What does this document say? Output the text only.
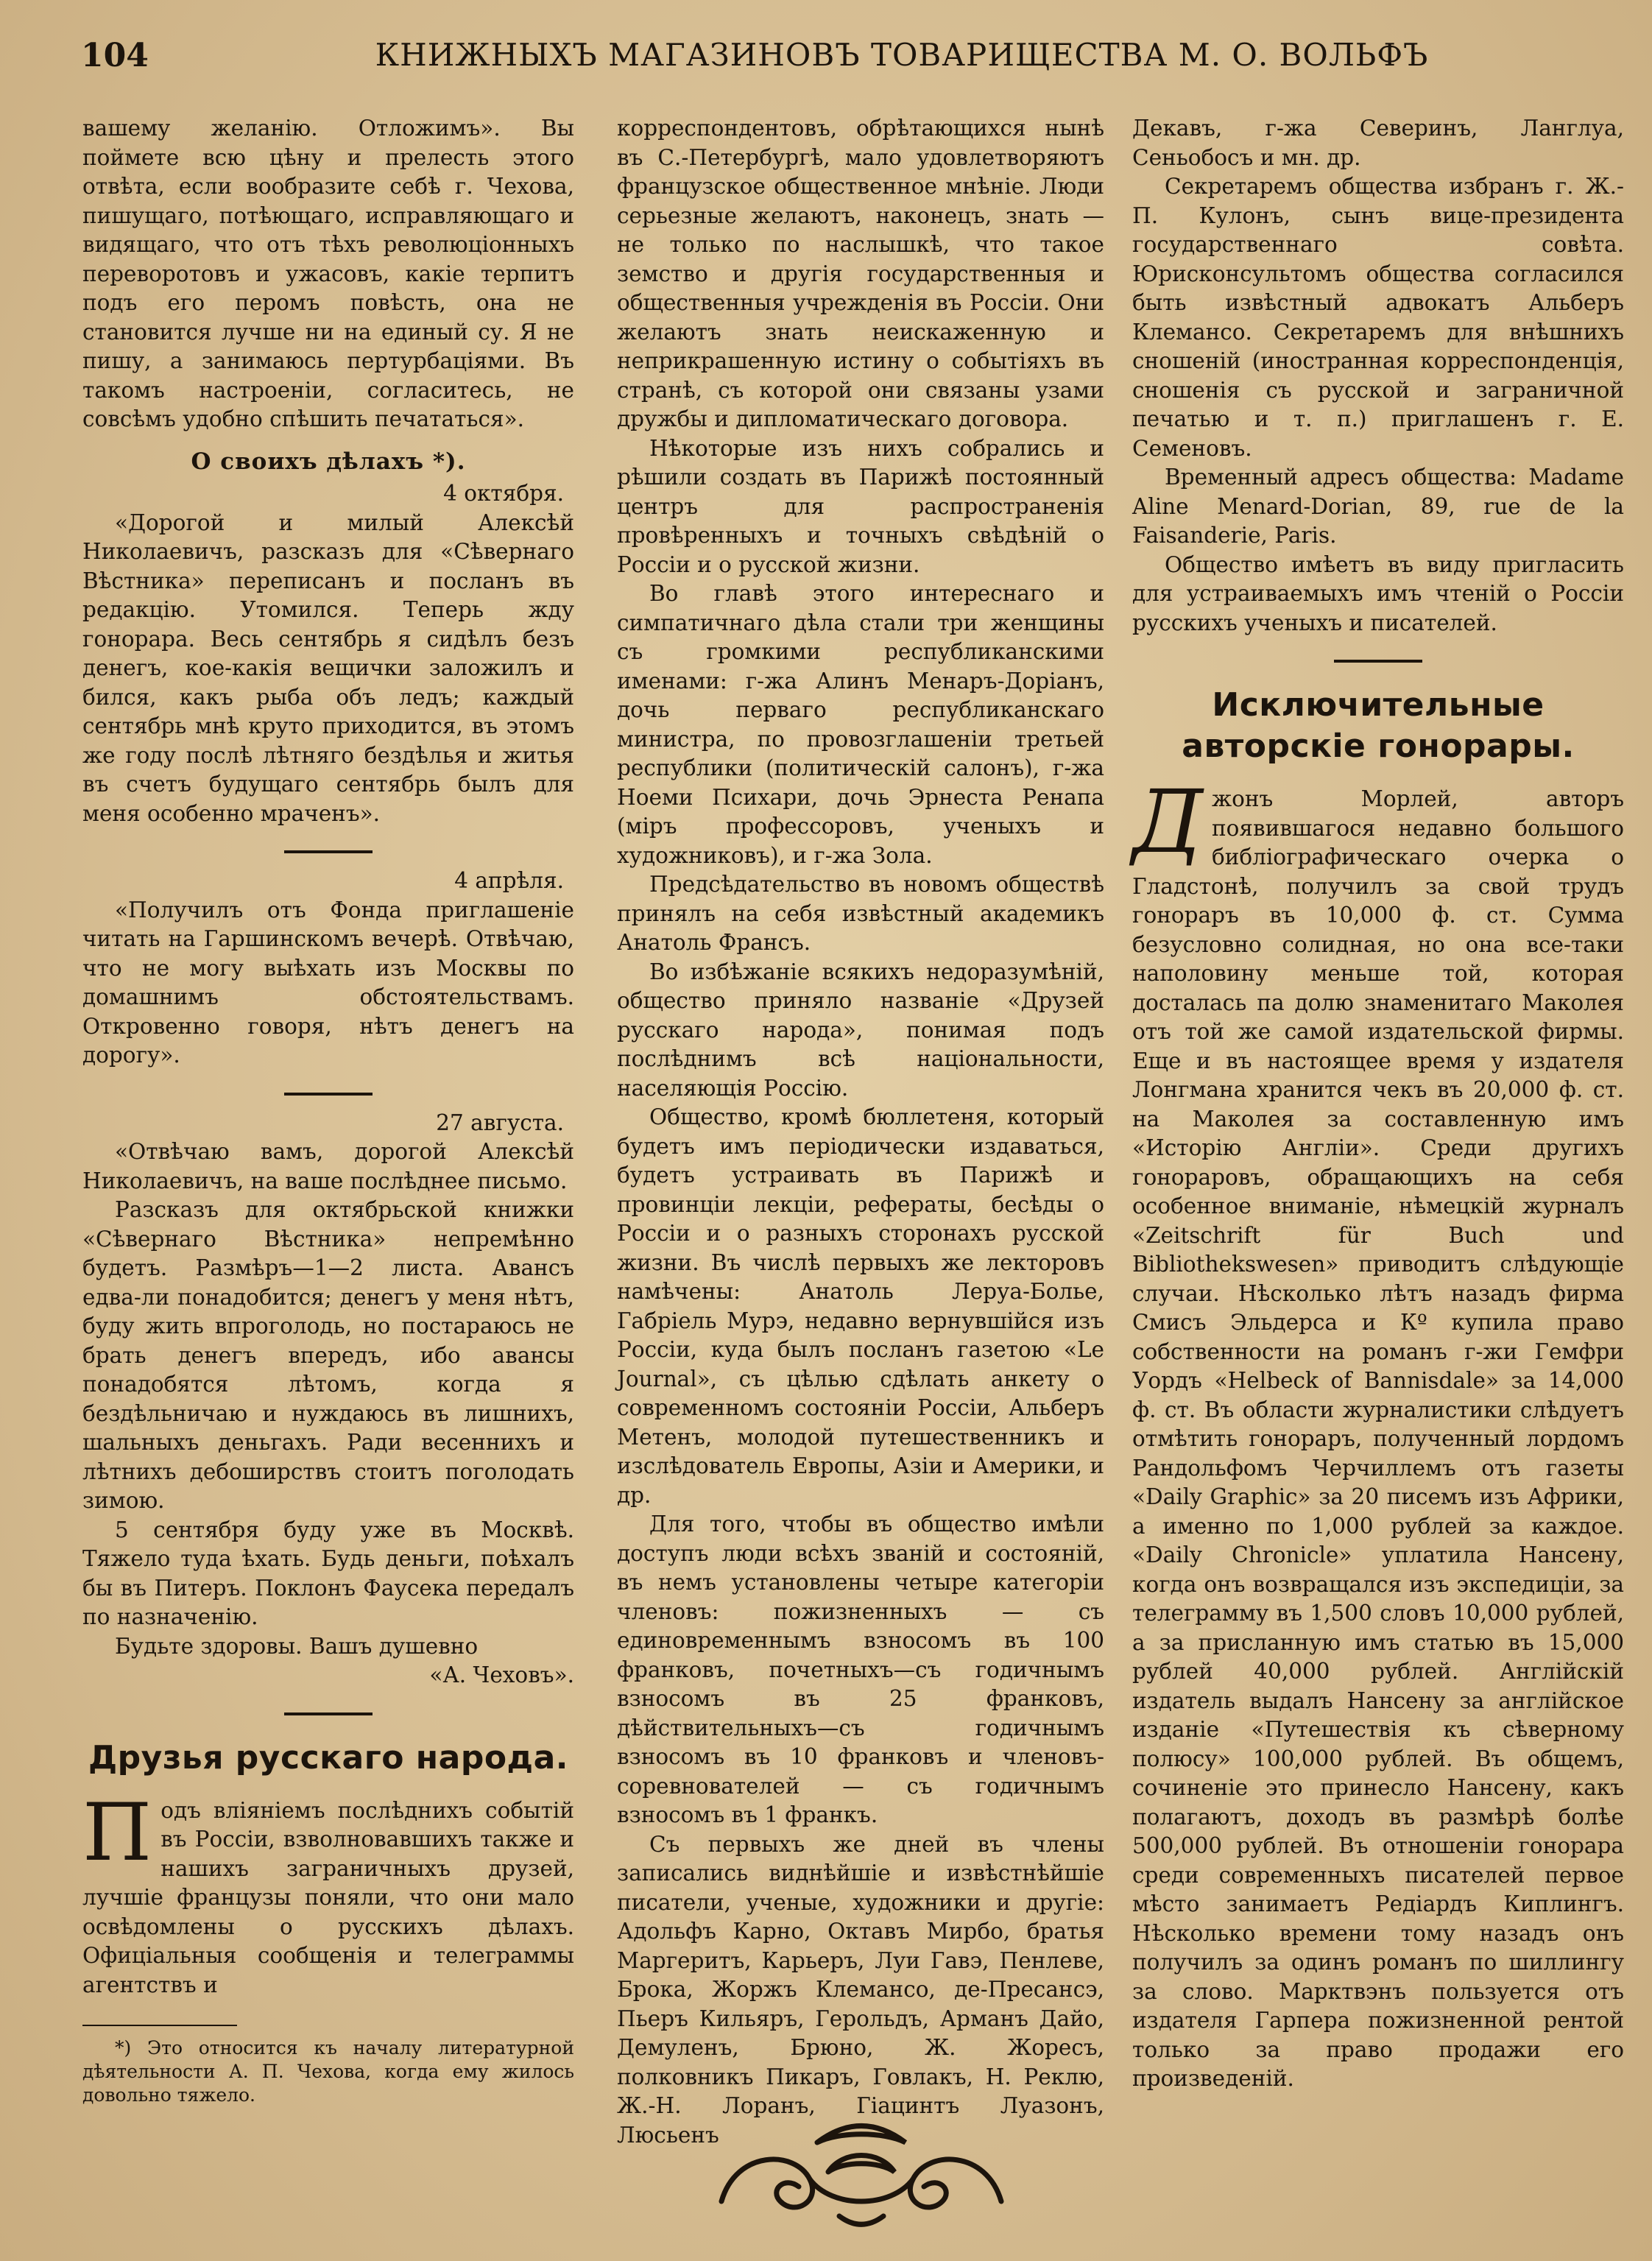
104	КНИЖНЫХЪ МАГАЗИНОВЪ ТОВАРИЩЕСТВА М. О. ВОЛЬФЪ

вашему желанію. Отложимъ». Вы поймете всю цѣну и прелесть этого отвѣта, если вообразите себѣ г. Чехова, пишущаго, потѣющаго, исправляющаго и видящаго, что отъ тѣхъ революціонныхъ переворотовъ и ужасовъ, какіе терпитъ подъ его перомъ повѣсть, она не становится лучше ни на единый су. Я не пишу, а занимаюсь пертурбаціями. Въ такомъ настроеніи, согласитесь, не совсѣмъ удобно спѣшить печататься».

О своихъ дѣлахъ *).

4 октября.

«Дорогой и милый Алексѣй Николаевичъ, разсказъ для «Сѣвернаго Вѣстника» переписанъ и посланъ въ редакцію. Утомился. Теперь жду гонорара. Весь сентябрь я сидѣлъ безъ денегъ, кое-какія вещички заложилъ и бился, какъ рыба объ ледъ; каждый сентябрь мнѣ круто приходится, въ этомъ же году послѣ лѣтняго бездѣлья и житья въ счетъ будущаго сентябрь былъ для меня особенно мраченъ».

4 апрѣля.

«Получилъ отъ Фонда приглашеніе читать на Гаршинскомъ вечерѣ. Отвѣчаю, что не могу выѣхать изъ Москвы по домашнимъ обстоятельствамъ. Откровенно говоря, нѣтъ денегъ на дорогу».

27 августа.

«Отвѣчаю вамъ, дорогой Алексѣй Николаевичъ, на ваше послѣднее письмо.

Разсказъ для октябрьской книжки «Сѣвернаго Вѣстника» непремѣнно будетъ. Размѣръ—1—2 листа. Авансъ едва-ли понадобится; денегъ у меня нѣтъ, буду жить впроголодь, но постараюсь не брать денегъ впередъ, ибо авансы понадобятся лѣтомъ, когда я бездѣльничаю и нуждаюсь въ лишнихъ, шальныхъ деньгахъ. Ради весеннихъ и лѣтнихъ дебоширствъ стоитъ поголодать зимою.

5 сентября буду уже въ Москвѣ. Тяжело туда ѣхать. Будь деньги, поѣхалъ бы въ Питеръ. Поклонъ Фаусека передалъ по назначенію.

Будьте здоровы. Вашъ душевно

«А. Чеховъ».

Друзья русскаго народа.

П одъ вліяніемъ послѣднихъ событій въ Россіи, взволновавшихъ также и нашихъ заграничныхъ друзей, лучшіе французы поняли, что они мало освѣдомлены о русскихъ дѣлахъ. Офиціальныя сообщенія и телеграммы агентствъ и

*) Это относится къ началу литературной дѣятельности А. П. Чехова, когда ему жилось довольно тяжело.

корреспондентовъ, обрѣтающихся нынѣ въ С.-Петербургѣ, мало удовлетворяютъ французское общественное мнѣніе. Люди серьезные желаютъ, наконецъ, знать — не только по наслышкѣ, что такое земство и другія государственныя и общественныя учрежденія въ Россіи. Они желаютъ знать неискаженную и неприкрашенную истину о событіяхъ въ странѣ, съ которой они связаны узами дружбы и дипломатическаго договора.

Нѣкоторые изъ нихъ собрались и рѣшили создать въ Парижѣ постоянный центръ для распространенія провѣренныхъ и точныхъ свѣдѣній о Россіи и о русской жизни.

Во главѣ этого интереснаго и симпатичнаго дѣла стали три женщины съ громкими республиканскими именами: г-жа Алинъ Менаръ-Доріанъ, дочь перваго республиканскаго министра, по провозглашеніи третьей республики (политическій салонъ), г-жа Ноеми Психари, дочь Эрнеста Ренапа (міръ профессоровъ, ученыхъ и художниковъ), и г-жа Зола.

Предсѣдательство въ новомъ обществѣ принялъ на себя извѣстный академикъ Анатоль Франсъ.

Во избѣжаніе всякихъ недоразумѣній, общество приняло названіе «Друзей русскаго народа», понимая подъ послѣднимъ всѣ національности, населяющія Россію.

Общество, кромѣ бюллетеня, который будетъ имъ періодически издаваться, будетъ устраивать въ Парижѣ и провинціи лекціи, рефераты, бесѣды о Россіи и о разныхъ сторонахъ русской жизни. Въ числѣ первыхъ же лекторовъ намѣчены: Анатоль Леруа-Болье, Габріель Мурэ, недавно вернувшійся изъ Россіи, куда былъ посланъ газетою «Le Journal», съ цѣлью сдѣлать анкету о современномъ состояніи Россіи, Альберъ Метенъ, молодой путешественникъ и изслѣдователь Европы, Азіи и Америки, и др.

Для того, чтобы въ общество имѣли доступъ люди всѣхъ званій и состояній, въ немъ установлены четыре категоріи членовъ: пожизненныхъ — съ единовременнымъ взносомъ въ 100 франковъ, почетныхъ—съ годичнымъ взносомъ въ 25 франковъ, дѣйствительныхъ—съ годичнымъ взносомъ въ 10 франковъ и членовъ-соревнователей — съ годичнымъ взносомъ въ 1 франкъ.

Съ первыхъ же дней въ члены записались виднѣйшіе и извѣстнѣйшіе писатели, ученые, художники и другіе: Адольфъ Карно, Октавъ Мирбо, братья Маргеритъ, Карьеръ, Луи Гавэ, Пенлеве, Брока, Жоржъ Клемансо, де-Пресансэ, Пьеръ Кильяръ, Герольдъ, Арманъ Дайо, Демуленъ, Брюно, Ж. Жоресъ, полковникъ Пикаръ, Говлакъ, Н. Реклю, Ж.-Н. Лоранъ, Гіацинтъ Луазонъ, Люсьенъ

Декавъ, г-жа Северинъ, Ланглуа, Сеньобосъ и мн. др.

Секретаремъ общества избранъ г. Ж.-П. Кулонъ, сынъ вице-президента государственнаго совѣта. Юрисконсультомъ общества согласился быть извѣстный адвокатъ Альберъ Клемансо. Секретаремъ для внѣшнихъ сношеній (иностранная корреспонденція, сношенія съ русской и заграничной печатью и т. п.) приглашенъ г. Е. Семеновъ.

Временный адресъ общества: Madame Aline Menard-Dorian, 89, rue de la Faisanderie, Paris.

Общество имѣетъ въ виду пригласить для устраиваемыхъ имъ чтеній о Россіи русскихъ ученыхъ и писателей.

Исключительные авторскіе гонорары.

Д жонъ Морлей, авторъ появившагося недавно большого библіографическаго очерка о Гладстонѣ, получилъ за свой трудъ гонораръ въ 10,000 ф. ст. Сумма безусловно солидная, но она все-таки наполовину меньше той, которая досталась па долю знаменитаго Маколея отъ той же самой издательской фирмы. Еще и въ настоящее время у издателя Лонгмана хранится чекъ въ 20,000 ф. ст. на Маколея за составленную имъ «Исторію Англіи». Среди другихъ гонораровъ, обращающихъ на себя особенное вниманіе, нѣмецкій журналъ «Zeitschrift für Buch und Bibliothekswesen» приводитъ слѣдующіе случаи. Нѣсколько лѣтъ назадъ фирма Смисъ Эльдерса и Кº купила право собственности на романъ г-жи Гемфри Уордъ «Helbeck of Bannisdale» за 14,000 ф. ст. Въ области журналистики слѣдуетъ отмѣтить гонораръ, полученный лордомъ Рандольфомъ Черчиллемъ отъ газеты «Daily Graphic» за 20 писемъ изъ Африки, а именно по 1,000 рублей за каждое. «Daily Chronicle» уплатила Нансену, когда онъ возвращался изъ экспедиціи, за телеграмму въ 1,500 словъ 10,000 рублей, а за присланную имъ статью въ 15,000 рублей 40,000 рублей. Англійскій издатель выдалъ Нансену за англійское изданіе «Путешествія къ сѣверному полюсу» 100,000 рублей. Въ общемъ, сочиненіе это принесло Нансену, какъ полагаютъ, доходъ въ размѣрѣ болѣе 500,000 рублей. Въ отношеніи гонорара среди современныхъ писателей первое мѣсто занимаетъ Редіардъ Киплингъ. Нѣсколько времени тому назадъ онъ получилъ за одинъ романъ по шиллингу за слово. Марктвэнъ пользуется отъ издателя Гарпера пожизненной рентой только за право продажи его произведеній.
